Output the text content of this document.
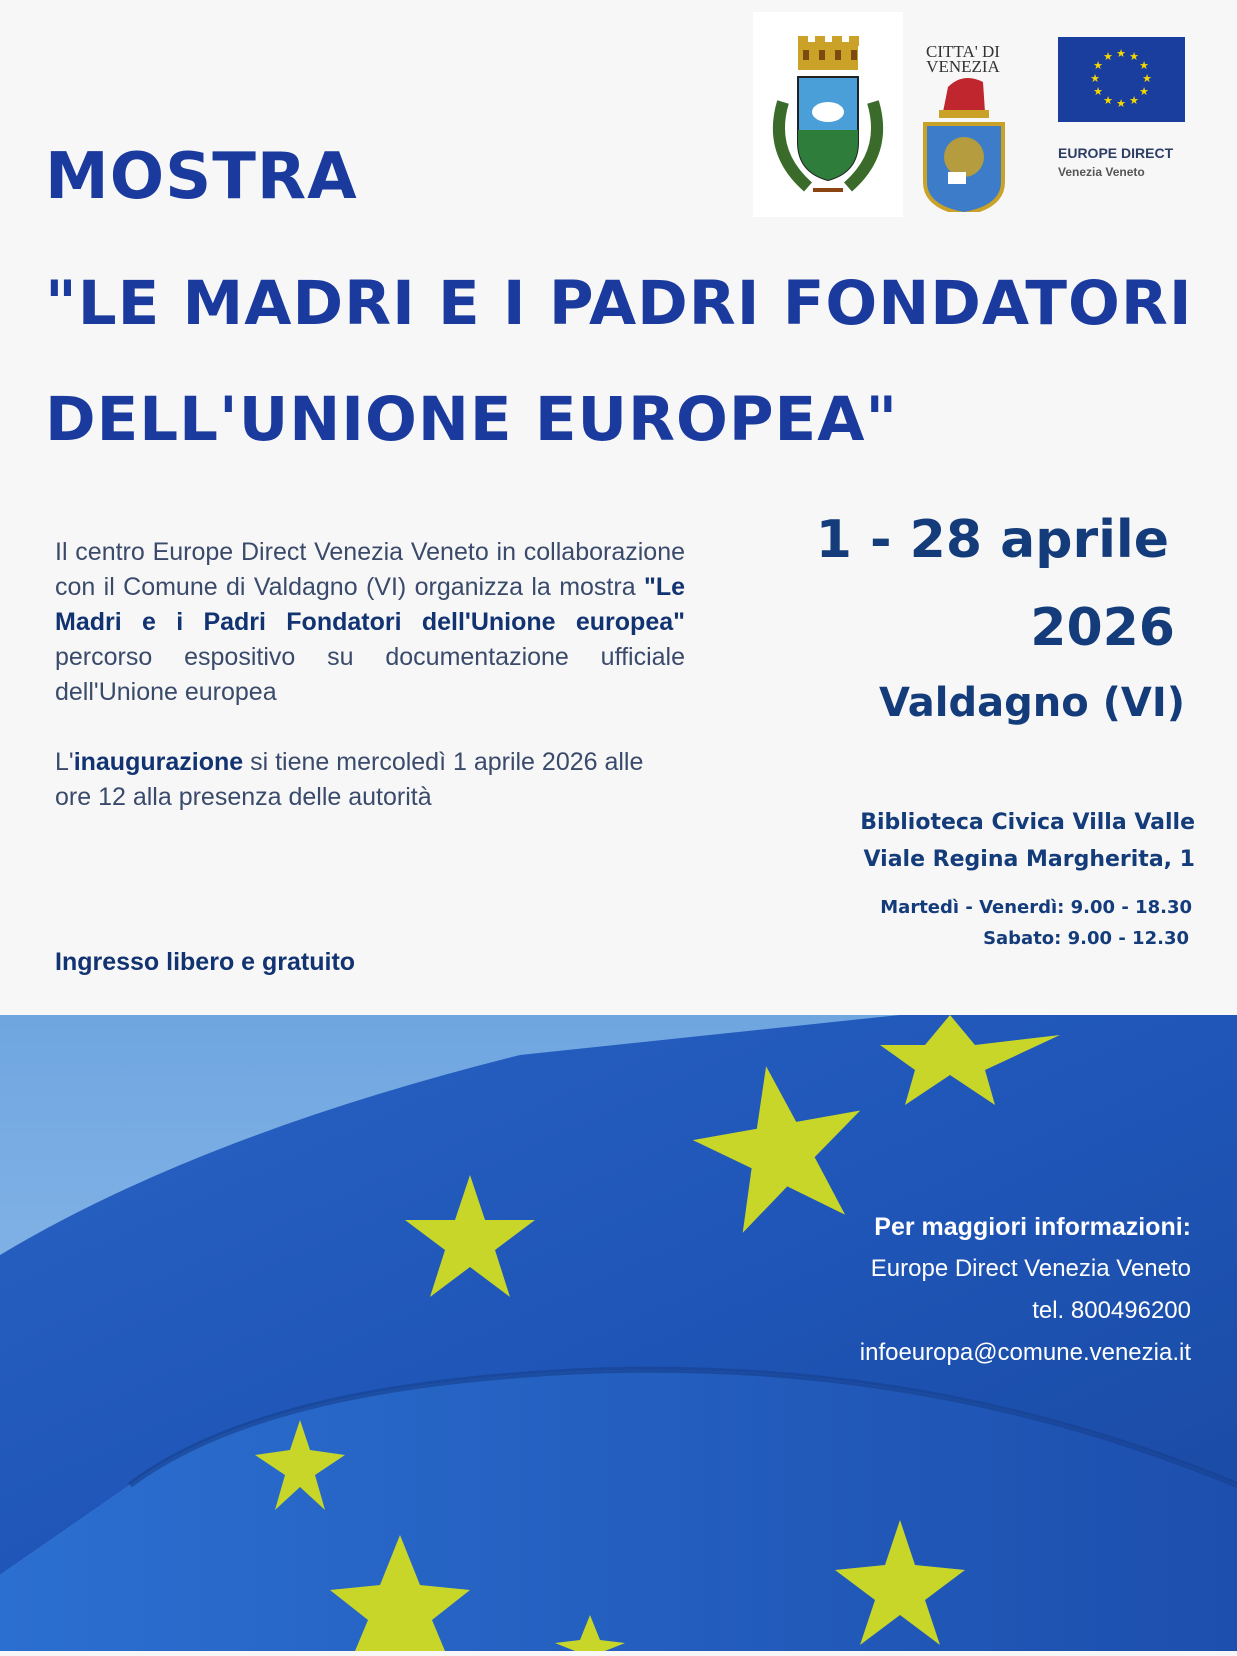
CITTA' DI
VENEZIA
★ ★
★
★
★
★
★
★
★
★
★
★
EUROPE DIRECT
Venezia Veneto
MOSTRA
"LE MADRI E I PADRI FONDATORI
DELL'UNIONE EUROPEA"
Il centro Europe Direct Venezia Veneto in collaborazione con il Comune di Valdagno (VI) organizza la mostra "Le Madri e i Padri Fondatori dell'Unione europea" percorso espositivo su documentazione ufficiale dell'Unione europea
L'inaugurazione si tiene mercoledì 1 aprile 2026 alle ore 12 alla presenza delle autorità
Ingresso libero e gratuito
1 - 28 aprile
2026
Valdagno (VI)
Biblioteca Civica Villa Valle
Viale Regina Margherita, 1
Martedì - Venerdì: 9.00 - 18.30
Sabato: 9.00 - 12.30
Per maggiori informazioni:
Europe Direct Venezia Veneto
tel. 800496200
infoeuropa@comune.venezia.it
